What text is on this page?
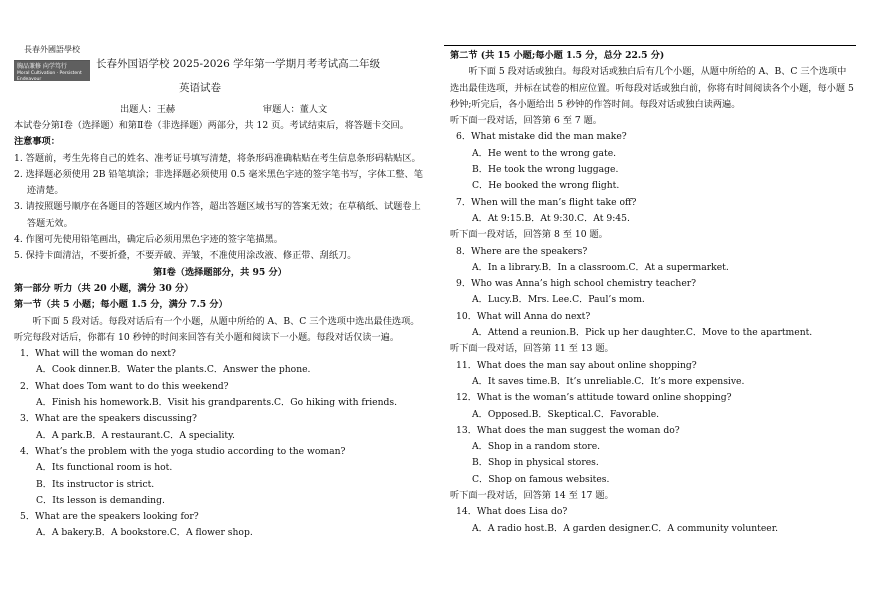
長春外國語學校
胸品兼修 向学笃行
Moral Cultivation · Persistent Endeavour
长春外国语学校 2025-2026 学年第一学期月考考试高二年级
英语试卷
出题人：王赫	审题人：董人文
本试卷分第Ⅰ卷（选择题）和第Ⅱ卷（非选择题）两部分，共 12 页。考试结束后，将答题卡交回。
注意事项：
1. 答题前，考生先将自己的姓名、准考证号填写清楚，将条形码准确粘贴在考生信息条形码粘贴区。
2. 选择题必须使用 2B 铅笔填涂；非选择题必须使用 0.5 毫米黑色字迹的签字笔书写，字体工整、笔迹清楚。
3. 请按照题号顺序在各题目的答题区域内作答，超出答题区域书写的答案无效；在草稿纸、试题卷上答题无效。
4. 作图可先使用铅笔画出，确定后必须用黑色字迹的签字笔描黑。
5. 保持卡面清洁，不要折叠，不要弄破、弄皱，不准使用涂改液、修正带、刮纸刀。
第Ⅰ卷（选择题部分，共 95 分）
第一部分 听力（共 20 小题，满分 30 分）
第一节（共 5 小题；每小题 1.5 分，满分 7.5 分）
听下面 5 段对话。每段对话后有一个小题，从题中所给的 A、B、C 三个选项中选出最佳选项。听完每段对话后，你都有 10 秒钟的时间来回答有关小题和阅读下一小题。每段对话仅读一遍。
1．What will the woman do next?
A．Cook dinner. B．Water the plants. C．Answer the phone.
2．What does Tom want to do this weekend?
A．Finish his homework. B．Visit his grandparents. C．Go hiking with friends.
3．What are the speakers discussing?
A．A park. B．A restaurant. C．A speciality.
4．What’s the problem with the yoga studio according to the woman?
A．Its functional room is hot.
B．Its instructor is strict.
C．Its lesson is demanding.
5．What are the speakers looking for?
A．A bakery. B．A bookstore. C．A flower shop.
第二节 (共 15 小题;每小题 1.5 分，总分 22.5 分)
听下面 5 段对话或独白。每段对话或独白后有几个小题，从题中所给的 A、B、C 三个选项中选出最佳选项，并标在试卷的相应位置。听每段对话或独白前，你将有时间阅读各个小题，每小题 5 秒钟;听完后，各小题给出 5 秒钟的作答时间。每段对话或独白读两遍。
听下面一段对话，回答第 6 至 7 题。
6．What mistake did the man make?
A．He went to the wrong gate.
B．He took the wrong luggage.
C．He booked the wrong flight.
7．When will the man’s flight take off?
A．At 9:15. B．At 9:30. C．At 9:45.
听下面一段对话，回答第 8 至 10 题。
8．Where are the speakers?
A．In a library. B．In a classroom. C．At a supermarket.
9．Who was Anna’s high school chemistry teacher?
A．Lucy. B．Mrs. Lee. C．Paul’s mom.
10．What will Anna do next?
A．Attend a reunion. B．Pick up her daughter. C．Move to the apartment.
听下面一段对话，回答第 11 至 13 题。
11．What does the man say about online shopping?
A．It saves time. B．It’s unreliable. C．It’s more expensive.
12．What is the woman’s attitude toward online shopping?
A．Opposed. B．Skeptical. C．Favorable.
13．What does the man suggest the woman do?
A．Shop in a random store.
B．Shop in physical stores.
C．Shop on famous websites.
听下面一段对话，回答第 14 至 17 题。
14．What does Lisa do?
A．A radio host. B．A garden designer. C．A community volunteer.
